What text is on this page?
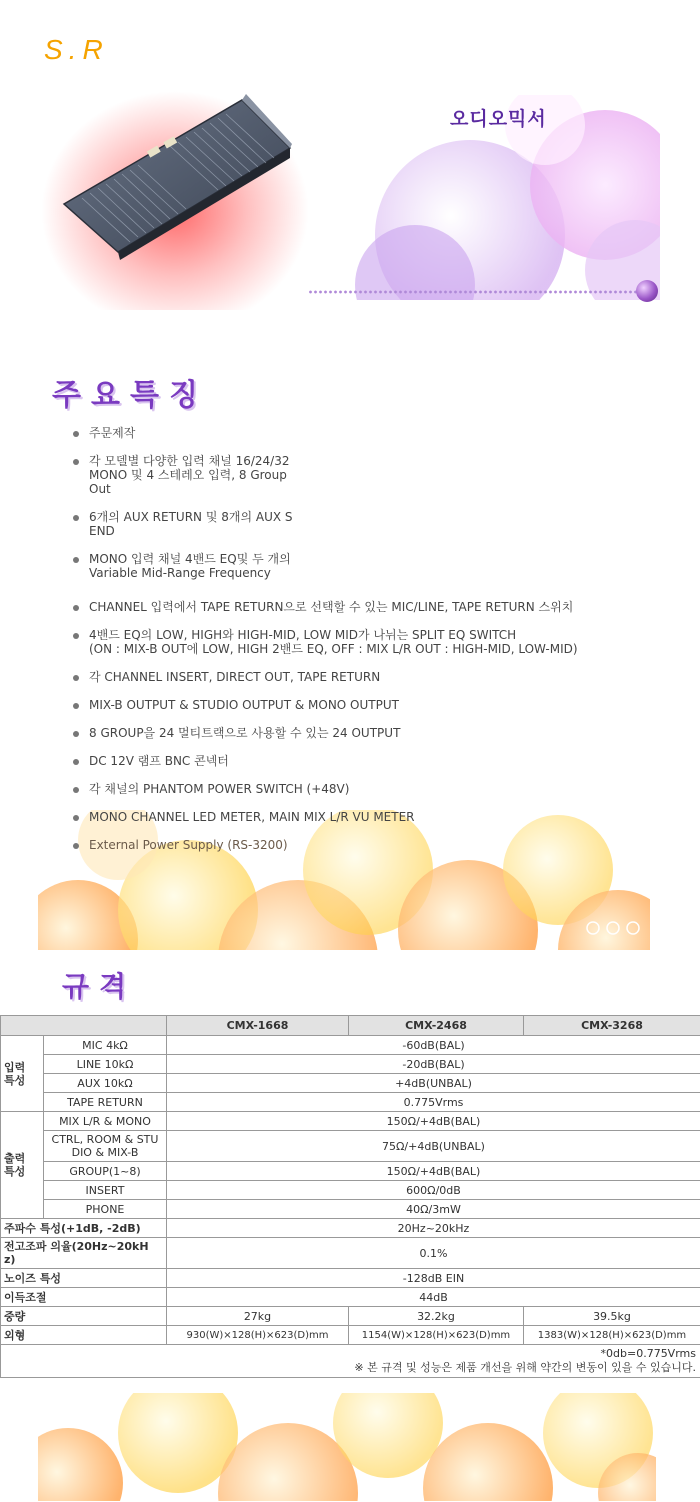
S.R
오디오믹서
주요특징
주문제작
각 모델별 다양한 입력 채널 16/24/32
MONO 및 4 스테레오 입력, 8 Group
Out
6개의 AUX RETURN 및 8개의 AUX S
END
MONO 입력 채널 4밴드 EQ및 두 개의
Variable Mid-Range Frequency
CHANNEL 입력에서 TAPE RETURN으로 선택할 수 있는 MIC/LINE, TAPE RETURN 스위치
4밴드 EQ의 LOW, HIGH와 HIGH-MID, LOW MID가 나뉘는 SPLIT EQ SWITCH
(ON : MIX-B OUT에 LOW, HIGH 2밴드 EQ, OFF : MIX L/R OUT : HIGH-MID, LOW-MID)
각 CHANNEL INSERT, DIRECT OUT, TAPE RETURN
MIX-B OUTPUT & STUDIO OUTPUT & MONO OUTPUT
8 GROUP을 24 멀티트랙으로 사용할 수 있는 24 OUTPUT
DC 12V 램프 BNC 콘넥터
각 채널의 PHANTOM POWER SWITCH (+48V)
MONO CHANNEL LED METER, MAIN MIX L/R VU METER
External Power Supply (RS-3200)
규격
		CMX-1668	CMX-2468	CMX-3268
입력
특성	MIC 4kΩ	-60dB(BAL)		
	LINE 10kΩ	-20dB(BAL)		
	AUX 10kΩ	+4dB(UNBAL)		
	TAPE RETURN	0.775Vrms		
출력
특성	MIX L/R & MONO	150Ω/+4dB(BAL)		
	CTRL, ROOM & STU
DIO & MIX-B	75Ω/+4dB(UNBAL)		
	GROUP(1~8)	150Ω/+4dB(BAL)		
	INSERT	600Ω/0dB		
	PHONE	40Ω/3mW		
주파수 특성(+1dB, -2dB)		20Hz~20kHz		
전고조파 의율(20Hz~20kH
z)		0.1%		
노이즈 특성		-128dB EIN		
이득조절		44dB		
중량		27kg	32.2kg	39.5kg
외형		930(W)×128(H)×623(D)mm	1154(W)×128(H)×623(D)mm	1383(W)×128(H)×623(D)mm

*0db=0.775Vrms
※ 본 규격 및 성능은 제품 개선을 위해 약간의 변동이 있을 수 있습니다.				
